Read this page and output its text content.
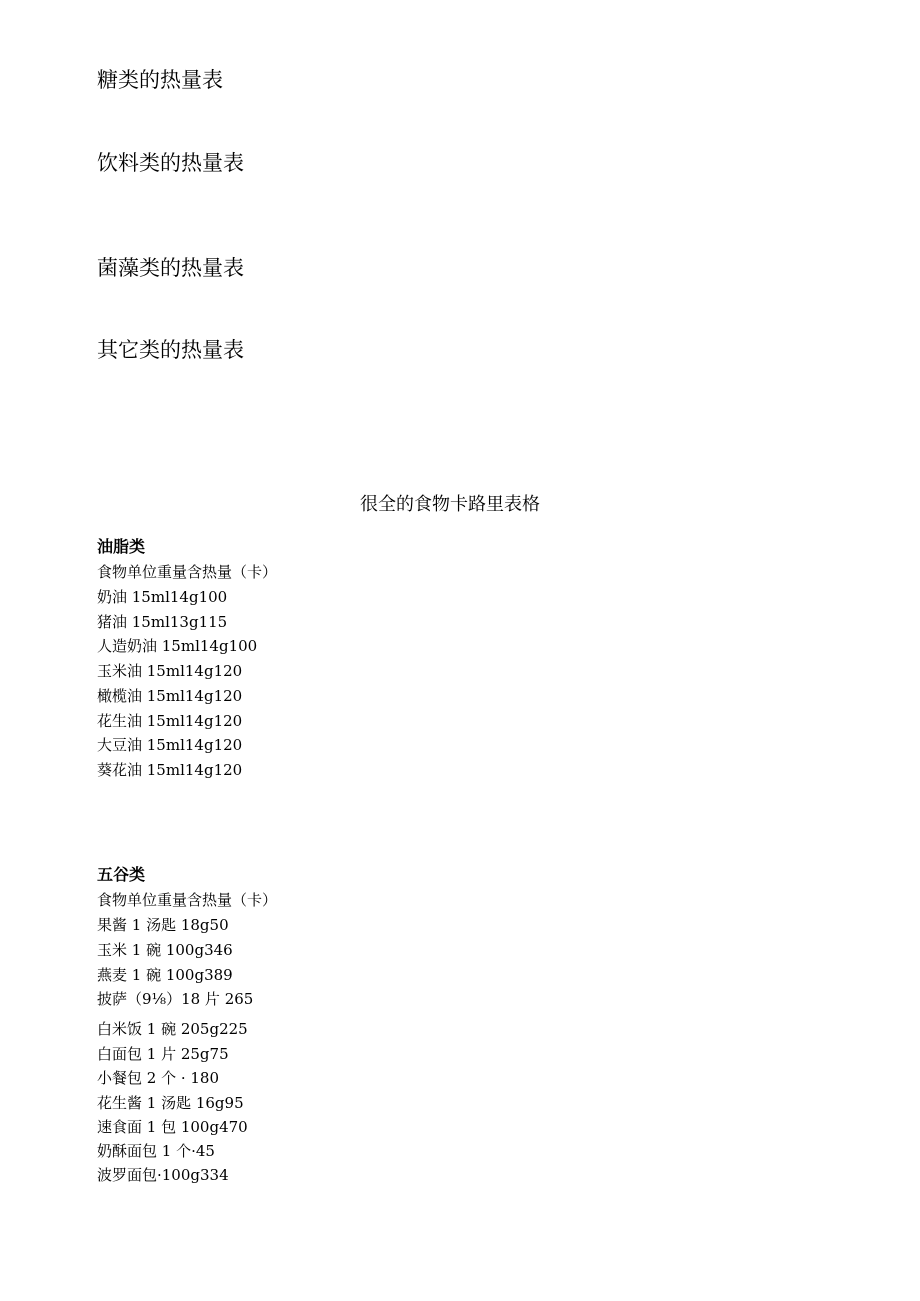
糖类的热量表
饮料类的热量表
菌藻类的热量表
其它类的热量表
很全的食物卡路里表格
油脂类
食物单位重量含热量（卡）
奶油 15ml14g100
猪油 15ml13g115
人造奶油 15ml14g100
玉米油 15ml14g120
橄榄油 15ml14g120
花生油 15ml14g120
大豆油 15ml14g120
葵花油 15ml14g120
五谷类
食物单位重量含热量（卡）
果酱 1 汤匙 18g50
玉米 1 碗 100g346
燕麦 1 碗 100g389
披萨（9⅛）18 片 265
白米饭 1 碗 205g225
白面包 1 片 25g75
小餐包 2 个 · 180
花生酱 1 汤匙 16g95
速食面 1 包 100g470
奶酥面包 1 个·45
波罗面包·100g334
